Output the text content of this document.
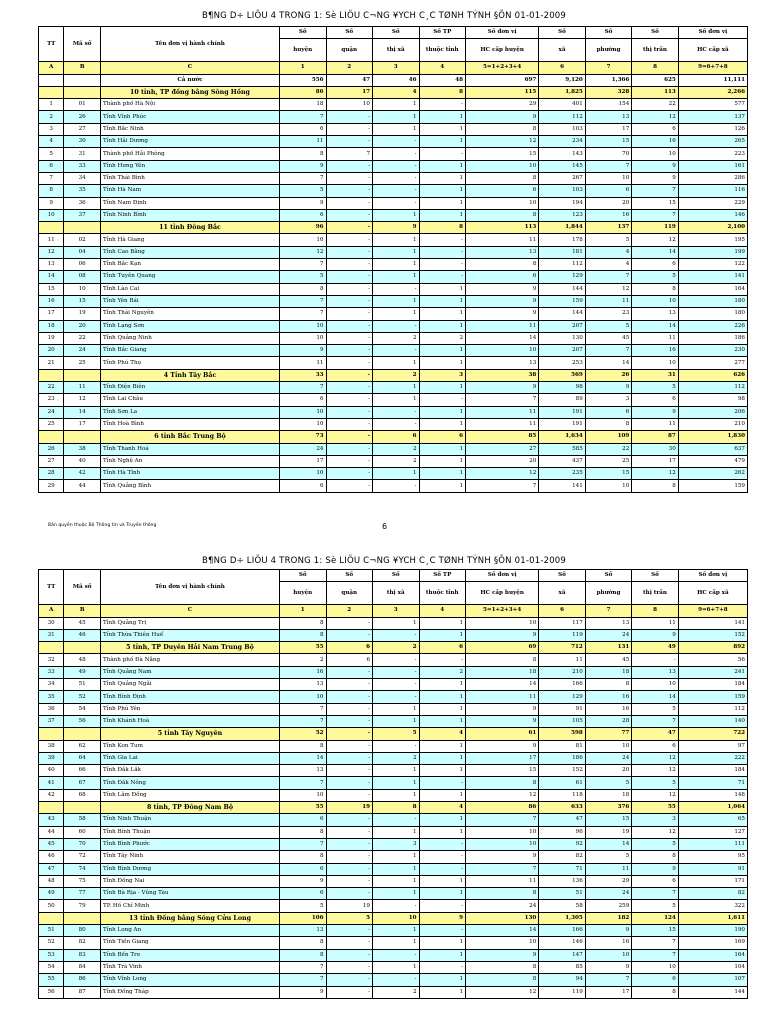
B¶NG D÷ LIÖU 4 TRONG 1: Sè LIÖU C¬NG ¥YCH C¸C TØNH TÝNH §ÕN 01-01-2009
TT	Mã số	Tên đơn vị hành chính	Số	Số	Số	Số TP	Số đơn vị	Số	Số	Số	Số đơn vị
			huyện	quận	thị xã	thuộc tỉnh	HC cấp huyện	xã	phường	thị trấn	HC cấp xã
A	B	C	1	2	3	4	5=1+2+3+4	6	7	8	9=6+7+8
		Cả nước	556	47	46	48	697	9,120	1,366	625	11,111
		10 tỉnh, TP đồng bằng Sông Hồng	86	17	4	8	115	1,825	328	113	2,266
1	01	Thành phố Hà Nội	18	10	1	-	29	401	154	22	577
2	26	Tỉnh Vĩnh Phúc	7	-	1	1	9	112	13	12	137
3	27	Tỉnh Bắc Ninh	6	-	1	1	8	103	17	6	126
4	30	Tỉnh Hải Dương	11	-	-	1	12	234	15	16	265
5	31	Thành phố Hải Phòng	8	7	-	-	15	143	70	10	223
6	33	Tỉnh Hưng Yên	9	-	-	1	10	145	7	9	161
7	34	Tỉnh Thái Bình	7	-	-	1	8	267	10	9	286
8	35	Tỉnh Hà Nam	5	-	-	1	6	103	6	7	116
9	36	Tỉnh Nam Định	9	-	-	1	10	194	20	15	229
10	37	Tỉnh Ninh Bình	6	-	1	1	8	123	16	7	146
		11 tỉnh Đông Bắc	96	-	9	8	113	1,844	137	119	2,100
11	02	Tỉnh Hà Giang	10	-	1	-	11	178	5	12	195
12	04	Tỉnh Cao Bằng	12	-	1	-	13	181	4	14	199
13	06	Tỉnh Bắc Kạn	7	-	1	-	8	112	4	6	122
14	08	Tỉnh Tuyên Quang	5	-	1	-	6	129	7	5	141
15	10	Tỉnh Lào Cai	8	-	-	1	9	144	12	8	164
16	15	Tỉnh Yên Bái	7	-	1	1	9	159	11	10	180
17	19	Tỉnh Thái Nguyên	7	-	1	1	9	144	23	13	180
18	20	Tỉnh Lạng Sơn	10	-	-	1	11	207	5	14	226
19	22	Tỉnh Quảng Ninh	10	-	2	2	14	130	45	11	186
20	24	Tỉnh Bắc Giang	9	-	-	1	10	207	7	16	230
21	25	Tỉnh Phú Thọ	11	-	1	1	13	253	14	10	277
		4 Tỉnh Tây Bắc	33	-	2	3	38	569	26	31	626
22	11	Tỉnh Điện Biên	7	-	1	1	9	98	9	5	112
23	12	Tỉnh Lai Châu	6	-	1	-	7	89	3	6	98
24	14	Tỉnh Sơn La	10	-	-	1	11	191	6	9	206
25	17	Tỉnh Hoà Bình	10	-	-	1	11	191	8	11	210
		6 tỉnh Bắc Trung Bộ	73	-	6	6	85	1,634	109	87	1,830
26	38	Tỉnh Thanh Hoá	24	-	2	1	27	585	22	30	637
27	40	Tỉnh Nghệ An	17	-	2	1	20	437	25	17	479
28	42	Tỉnh Hà Tĩnh	10	-	1	1	12	235	15	12	262
29	44	Tỉnh Quảng Bình	6	-	-	1	7	141	10	8	159
Bản quyền thuộc Bộ Thông tin và Truyền thông	6
B¶NG D÷ LIÖU 4 TRONG 1: Sè LIÖU C¬NG ¥YCH C¸C TØNH TÝNH §ÕN 01-01-2009
TT	Mã số	Tên đơn vị hành chính	Số	Số	Số	Số TP	Số đơn vị	Số	Số	Số	Số đơn vị
			huyện	quận	thị xã	thuộc tỉnh	HC cấp huyện	xã	phường	thị trấn	HC cấp xã
A	B	C	1	2	3	4	5=1+2+3+4	6	7	8	9=6+7+8
30	45	Tỉnh Quảng Trị	8	-	1	1	10	117	13	11	141
31	46	Tỉnh Thừa Thiên Huế	8	-	-	1	9	119	24	9	152
		5 tỉnh, TP Duyên Hải Nam Trung Bộ	55	6	2	6	69	712	131	49	892
32	48	Thành phố Đà Nẵng	2	6	-	-	8	11	45	-	56
33	49	Tỉnh Quảng Nam	16	-	-	2	18	210	18	13	241
34	51	Tỉnh Quảng Ngãi	13	-	-	1	14	166	8	10	184
35	52	Tỉnh Bình Định	10	-	-	1	11	129	16	14	159
36	54	Tỉnh Phú Yên	7	-	1	1	9	91	16	5	112
37	56	Tỉnh Khánh Hoà	7	-	1	1	9	105	28	7	140
		5 tỉnh Tây Nguyên	52	-	5	4	61	598	77	47	722
38	62	Tỉnh Kon Tum	8	-	-	1	9	81	10	6	97
39	64	Tỉnh Gia Lai	14	-	2	1	17	186	24	12	222
40	66	Tỉnh Đắk Lắk	13	-	1	1	15	152	20	12	184
41	67	Tỉnh Đắk Nông	7	-	1	-	8	61	5	5	71
42	68	Tỉnh Lâm Đồng	10	-	1	1	12	118	18	12	148
		8 tỉnh, TP Đông Nam Bộ	55	19	8	4	86	633	376	55	1,064
43	58	Tỉnh Ninh Thuận	6	-	-	1	7	47	15	3	65
44	60	Tỉnh Bình Thuận	8	-	1	1	10	96	19	12	127
45	70	Tỉnh Bình Phước	7	-	3	-	10	92	14	5	111
46	72	Tỉnh Tây Ninh	8	-	1	-	9	82	5	8	95
47	74	Tỉnh Bình Dương	6	-	1	-	7	71	11	9	91
48	75	Tỉnh Đồng Nai	9	-	1	1	11	136	29	6	171
49	77	Tỉnh Bà Rịa - Vũng Tàu	6	-	1	1	8	51	24	7	82
50	79	TP. Hồ Chí Minh	5	19	-	-	24	58	259	5	322
		13 tỉnh Đồng bằng Sông Cửu Long	106	5	10	9	130	1,305	182	124	1,611
51	80	Tỉnh Long An	13	-	1	-	14	166	9	15	190
52	82	Tỉnh Tiền Giang	8	-	1	1	10	146	16	7	169
53	83	Tỉnh Bến Tre	8	-	-	1	9	147	10	7	164
54	84	Tỉnh Trà Vinh	7	-	1	-	8	85	9	10	104
55	86	Tỉnh Vĩnh Long	7	-	-	1	8	94	7	6	107
56	87	Tỉnh Đồng Tháp	9	-	2	1	12	119	17	8	144
